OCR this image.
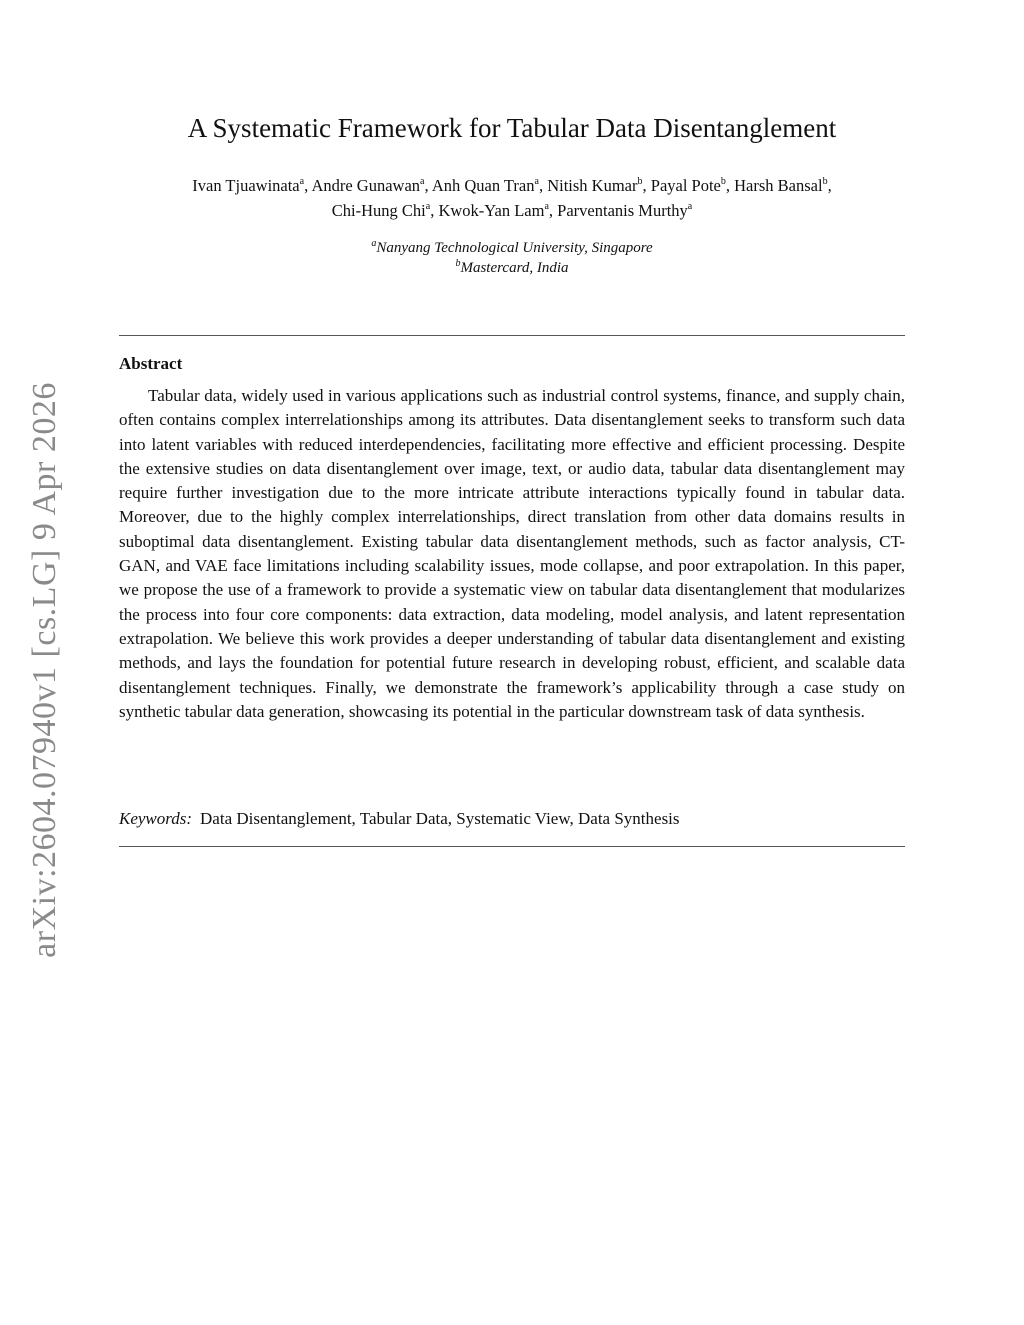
arXiv:2604.07940v1 [cs.LG] 9 Apr 2026
A Systematic Framework for Tabular Data Disentanglement
Ivan Tjuawinata$^a$, Andre Gunawan$^a$, Anh Quan Tran$^a$, Nitish Kumar$^b$, Payal Pote$^b$, Harsh Bansal$^b$,
Chi-Hung Chi$^a$, Kwok-Yan Lam$^a$, Parventanis Murthy$^a$
$^a$Nanyang Technological University, Singapore
$^b$Mastercard, India
Abstract

Tabular data, widely used in various applications such as industrial control systems, finance, and supply chain, often contains complex interrelationships among its attributes. Data disentanglement seeks to transform such data into latent variables with reduced interdependencies, facilitating more effective and efficient processing. Despite the extensive studies on data disentanglement over image, text, or audio data, tabular data disentanglement may require further investigation due to the more intricate attribute interactions typically found in tabular data. Moreover, due to the highly complex interrelationships, direct translation from other data domains results in suboptimal data disentanglement. Existing tabular data disentanglement methods, such as factor analysis, CT-GAN, and VAE face limitations including scalability issues, mode collapse, and poor extrapolation. In this paper, we propose the use of a framework to provide a systematic view on tabular data disentanglement that modularizes the process into four core components: data extraction, data modeling, model analysis, and latent representation extrapolation. We believe this work provides a deeper understanding of tabular data disentanglement and existing methods, and lays the foundation for potential future research in developing robust, efficient, and scalable data disentanglement techniques. Finally, we demonstrate the framework’s applicability through a case study on synthetic tabular data generation, showcasing its potential in the particular downstream task of data synthesis.

Keywords: Data Disentanglement, Tabular Data, Systematic View, Data Synthesis
